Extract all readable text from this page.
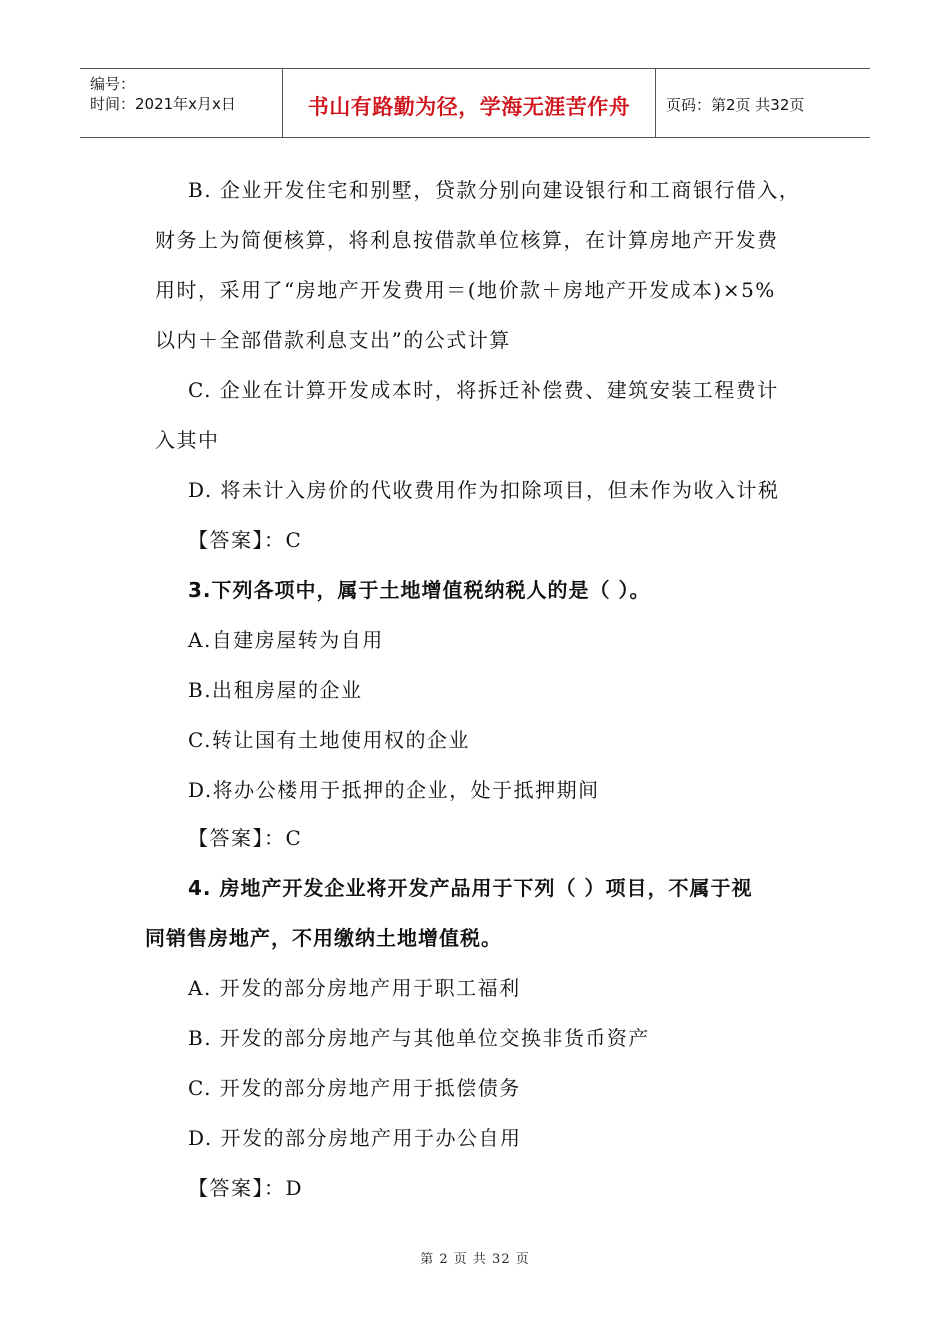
编号：
时间：2021年x月x日	书山有路勤为径，学海无涯苦作舟	页码：第2页 共32页
B. 企业开发住宅和别墅，贷款分别向建设银行和工商银行借入，
财务上为简便核算，将利息按借款单位核算，在计算房地产开发费
用时，采用了“房地产开发费用＝(地价款＋房地产开发成本)×5%
以内＋全部借款利息支出”的公式计算
C. 企业在计算开发成本时，将拆迁补偿费、建筑安装工程费计
入其中
D. 将未计入房价的代收费用作为扣除项目，但未作为收入计税
【答案】：C
3.下列各项中，属于土地增值税纳税人的是（ ）。
A.自建房屋转为自用
B.出租房屋的企业
C.转让国有土地使用权的企业
D.将办公楼用于抵押的企业，处于抵押期间
【答案】：C
4. 房地产开发企业将开发产品用于下列（ ）项目，不属于视
同销售房地产，不用缴纳土地增值税。
A. 开发的部分房地产用于职工福利
B. 开发的部分房地产与其他单位交换非货币资产
C. 开发的部分房地产用于抵偿债务
D. 开发的部分房地产用于办公自用
【答案】：D
第 2 页 共 32 页
